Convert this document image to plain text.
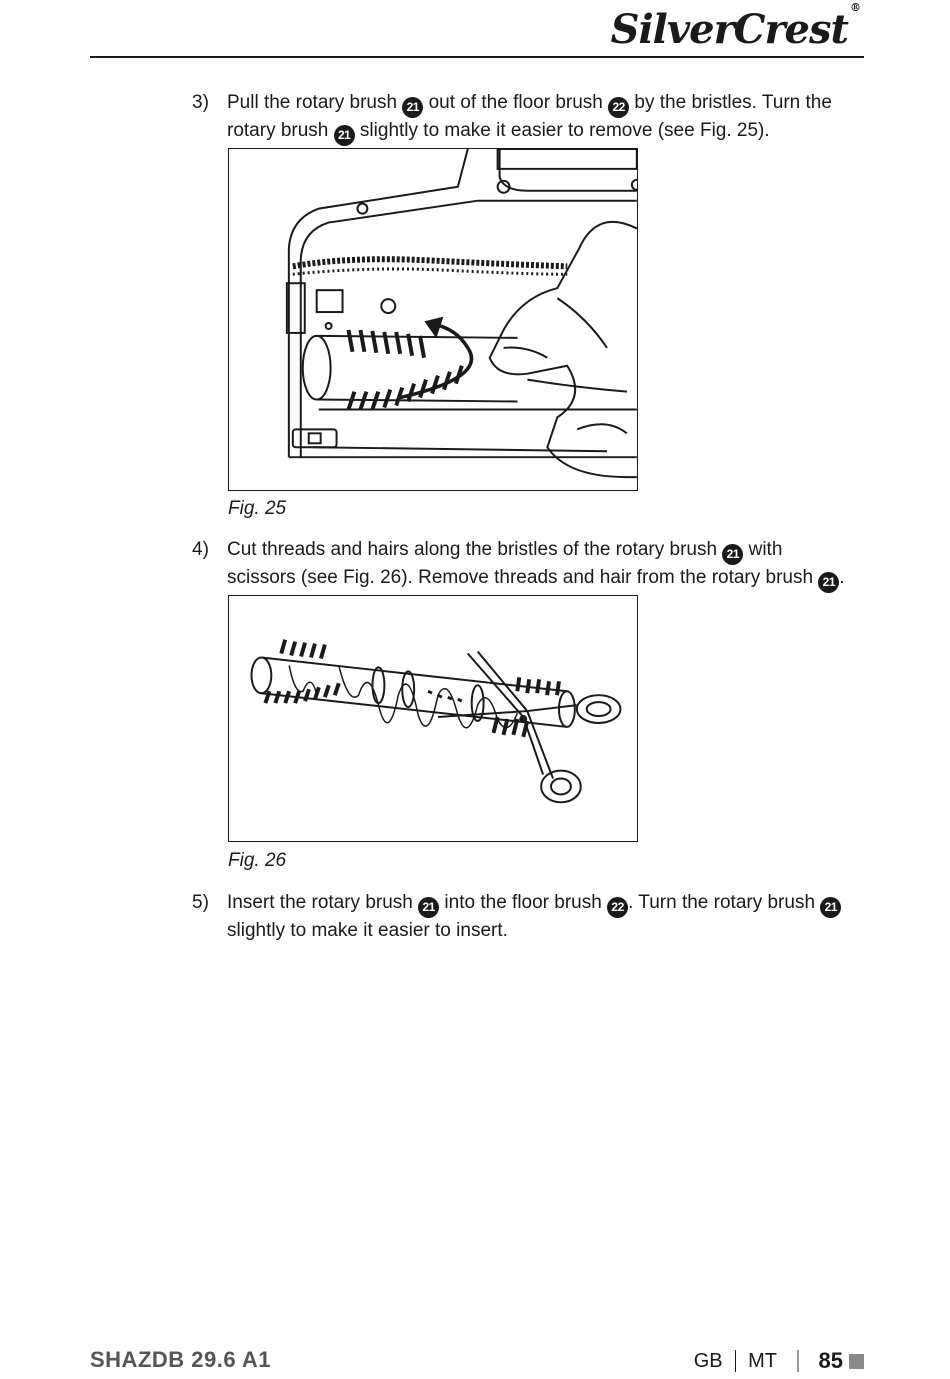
SilverCrest ®
3) Pull the rotary brush 21 out of the floor brush 22 by the bristles. Turn the rotary brush 21 slightly to make it easier to remove (see Fig. 25).
Fig. 25
4) Cut threads and hairs along the bristles of the rotary brush 21 with scissors (see Fig. 26). Remove threads and hair from the rotary brush 21 .
Fig. 26
5) Insert the rotary brush 21 into the floor brush 22 . Turn the rotary brush 21 slightly to make it easier to insert.
SHAZDB 29.6 A1	GB MT 85
